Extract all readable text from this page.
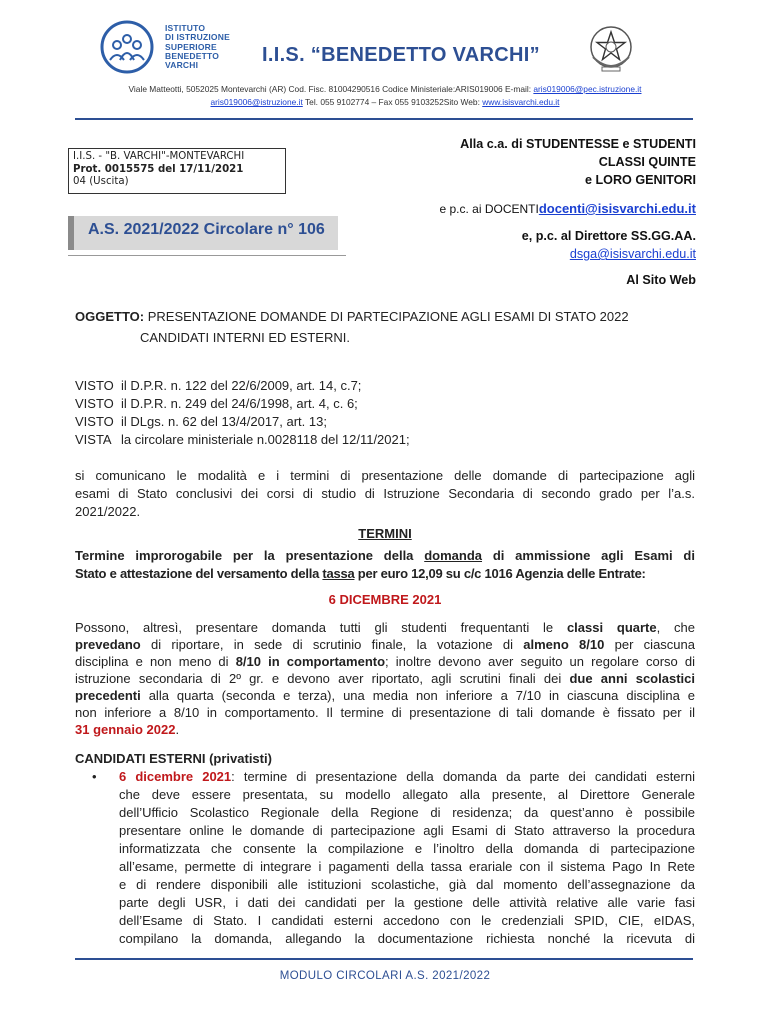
ISTITUTO
DI ISTRUZIONE
SUPERIORE
BENEDETTO
VARCHI	I.I.S. “BENEDETTO VARCHI”
Viale Matteotti, 5052025 Montevarchi (AR) Cod. Fisc. 81004290516 Codice Ministeriale:ARIS019006 E-mail: aris019006@pec.istruzione.it
aris019006@istruzione.it Tel. 055 9102774 – Fax 055 9103252Sito Web: www.isisvarchi.edu.it
I.I.S. - "B. VARCHI"-MONTEVARCHI
Prot. 0015575 del 17/11/2021
04 (Uscita)
A.S. 2021/2022 Circolare n° 106
Alla c.a. di STUDENTESSE e STUDENTI
CLASSI QUINTE
e LORO GENITORI
e p.c. ai DOCENTIdocenti@isisvarchi.edu.it
e, p.c. al Direttore SS.GG.AA.
dsga@isisvarchi.edu.it
Al Sito Web
OGGETTO: PRESENTAZIONE DOMANDE DI PARTECIPAZIONE AGLI ESAMI DI STATO 2022
CANDIDATI INTERNI ED ESTERNI.
VISTO il D.P.R. n. 122 del 22/6/2009, art. 14, c.7;
VISTO il D.P.R. n. 249 del 24/6/1998, art. 4, c. 6;
VISTO il DLgs. n. 62 del 13/4/2017, art. 13;
VISTA la circolare ministeriale n.0028118 del 12/11/2021;
si comunicano le modalità e i termini di presentazione delle domande di partecipazione agli
esami di Stato conclusivi dei corsi di studio di Istruzione Secondaria di secondo grado per l’a.s.
2021/2022.
TERMINI
Termine improrogabile per la presentazione della domanda di ammissione agli Esami di
Stato e attestazione del versamento della tassa per euro 12,09 su c/c 1016 Agenzia delle Entrate:
6 DICEMBRE 2021
Possono, altresì, presentare domanda tutti gli studenti frequentanti le classi quarte, che
prevedano di riportare, in sede di scrutinio finale, la votazione di almeno 8/10 per ciascuna
disciplina e non meno di 8/10 in comportamento; inoltre devono aver seguito un regolare corso di
istruzione secondaria di 2º gr. e devono aver riportato, agli scrutini finali dei due anni scolastici
precedenti alla quarta (seconda e terza), una media non inferiore a 7/10 in ciascuna disciplina e
non inferiore a 8/10 in comportamento. Il termine di presentazione di tali domande è fissato per il
31 gennaio 2022.
CANDIDATI ESTERNI (privatisti)
• 6 dicembre 2021: termine di presentazione della domanda da parte dei candidati esterni
che deve essere presentata, su modello allegato alla presente, al Direttore Generale
dell’Ufficio Scolastico Regionale della Regione di residenza; da quest’anno è possibile
presentare online le domande di partecipazione agli Esami di Stato attraverso la procedura
informatizzata che consente la compilazione e l’inoltro della domanda di partecipazione
all’esame, permette di integrare i pagamenti della tassa erariale con il sistema Pago In Rete
e di rendere disponibili alle istituzioni scolastiche, già dal momento dell’assegnazione da
parte degli USR, i dati dei candidati per la gestione delle attività relative alle varie fasi
dell’Esame di Stato. I candidati esterni accedono con le credenziali SPID, CIE, eIDAS,
compilano la domanda, allegando la documentazione richiesta nonché la ricevuta di
MODULO CIRCOLARI A.S. 2021/2022
